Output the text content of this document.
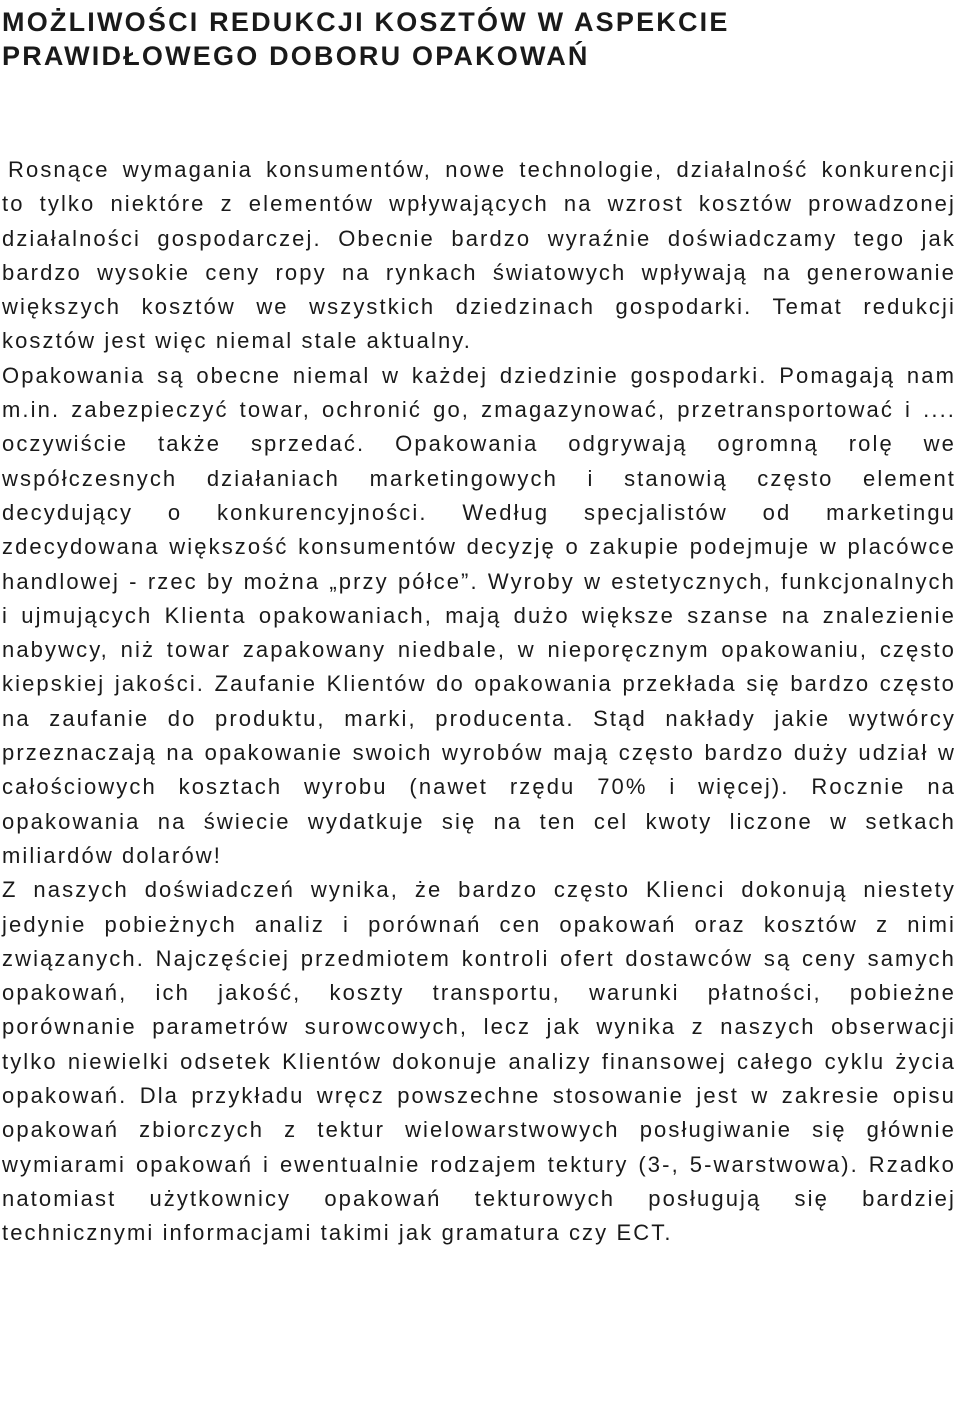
MOŻLIWOŚCI REDUKCJI KOSZTÓW W ASPEKCIE
PRAWIDŁOWEGO DOBORU OPAKOWAŃ

Rosnące wymagania konsumentów, nowe technologie, działalność konkurencji to tylko niektóre z elementów wpływających na wzrost kosztów prowadzonej działalności gospodarczej. Obecnie bardzo wyraźnie doświadczamy tego jak bardzo wysokie ceny ropy na rynkach światowych wpływają na generowanie większych kosztów we wszystkich dziedzinach gospodarki. Temat redukcji kosztów jest więc niemal stale aktualny.

Opakowania są obecne niemal w każdej dziedzinie gospodarki. Pomagają nam m.in. zabezpieczyć towar, ochronić go, zmagazynować, przetransportować i .... oczywiście także sprzedać. Opakowania odgrywają ogromną rolę we współczesnych działaniach marketingowych i stanowią często element decydujący o konkurencyjności. Według specjalistów od marketingu zdecydowana większość konsumentów decyzję o zakupie podejmuje w placówce handlowej - rzec by można „przy półce”. Wyroby w estetycznych, funkcjonalnych i ujmujących Klienta opakowaniach, mają dużo większe szanse na znalezienie nabywcy, niż towar zapakowany niedbale, w nieporęcznym opakowaniu, często kiepskiej jakości. Zaufanie Klientów do opakowania przekłada się bardzo często na zaufanie do produktu, marki, producenta. Stąd nakłady jakie wytwórcy przeznaczają na opakowanie swoich wyrobów mają często bardzo duży udział w całościowych kosztach wyrobu (nawet rzędu 70% i więcej). Rocznie na opakowania na świecie wydatkuje się na ten cel kwoty liczone w setkach miliardów dolarów!

Z naszych doświadczeń wynika, że bardzo często Klienci dokonują niestety jedynie pobieżnych analiz i porównań cen opakowań oraz kosztów z nimi związanych. Najczęściej przedmiotem kontroli ofert dostawców są ceny samych opakowań, ich jakość, koszty transportu, warunki płatności, pobieżne porównanie parametrów surowcowych, lecz jak wynika z naszych obserwacji tylko niewielki odsetek Klientów dokonuje analizy finansowej całego cyklu życia opakowań. Dla przykładu wręcz powszechne stosowanie jest w zakresie opisu opakowań zbiorczych z tektur wielowarstwowych posługiwanie się głównie wymiarami opakowań i ewentualnie rodzajem tektury (3-, 5-warstwowa). Rzadko natomiast użytkownicy opakowań tekturowych posługują się bardziej technicznymi informacjami takimi jak gramatura czy ECT.
